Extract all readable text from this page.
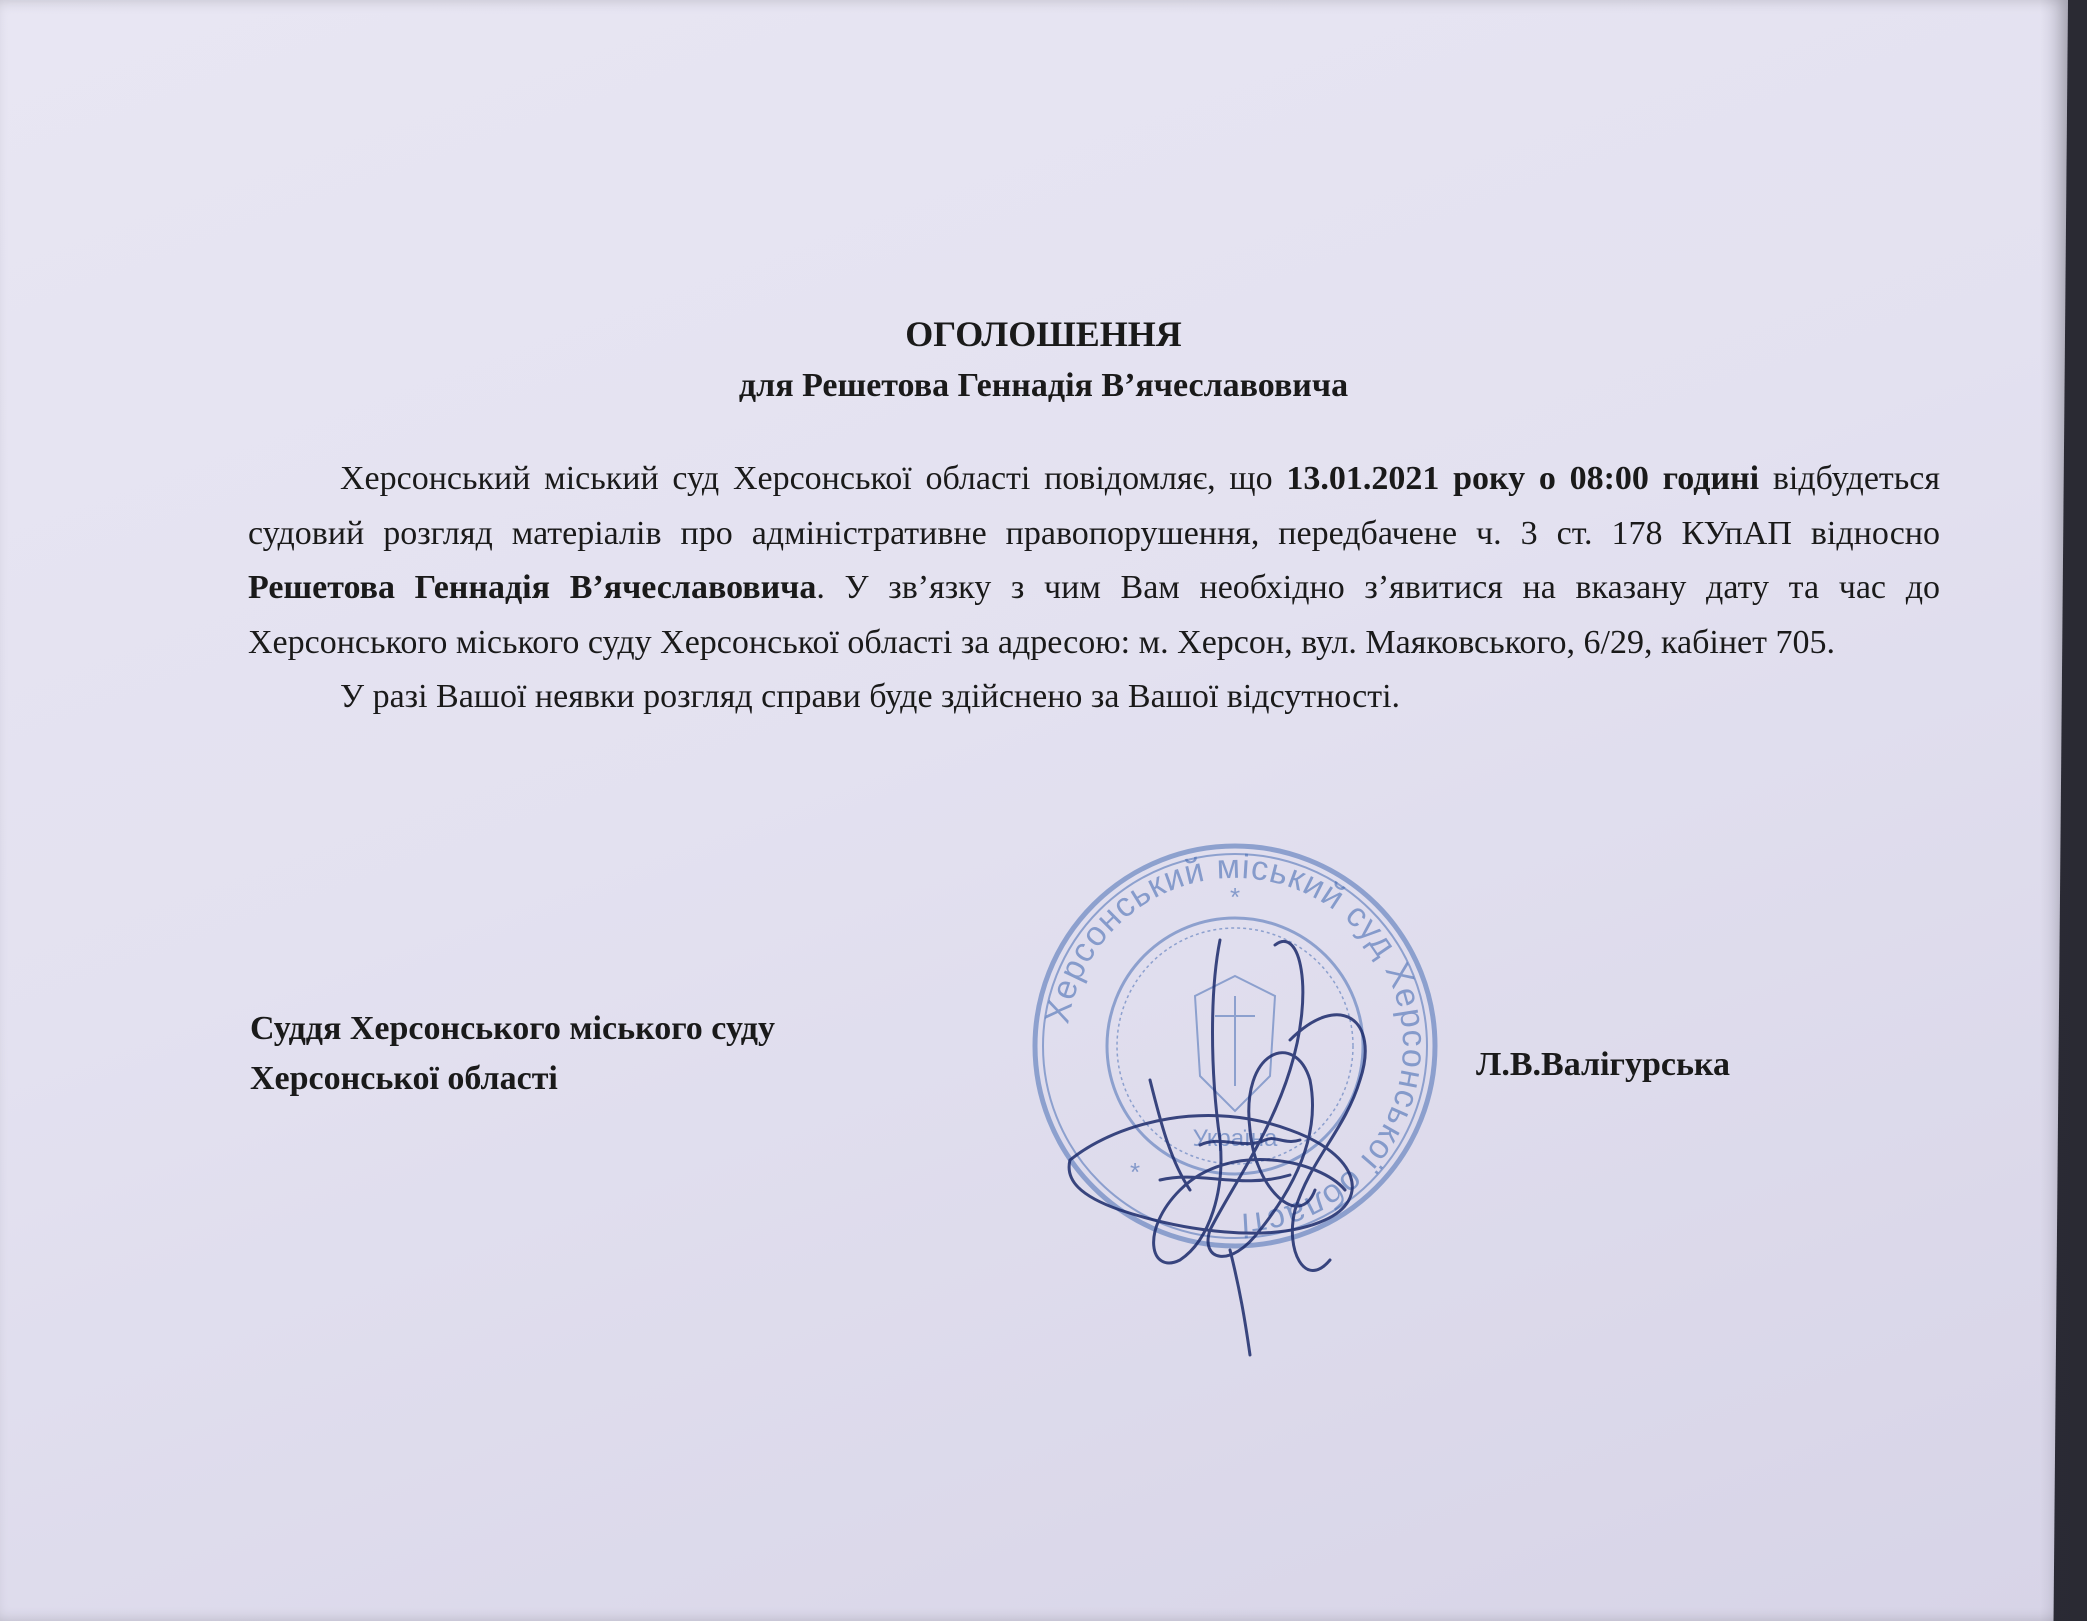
ОГОЛОШЕННЯ
для Решетова Геннадія В’ячеславовича

Херсонський міський суд Херсонської області повідомляє, що 13.01.2021 року о 08:00 годині відбудеться судовий розгляд матеріалів про адміністративне правопорушення, передбачене ч. 3 ст. 178 КУпАП відносно Решетова Геннадія В’ячеславовича. У зв’язку з чим Вам необхідно з’явитися на вказану дату та час до Херсонського міського суду Херсонської області за адресою: м. Херсон, вул. Маяковського, 6/29, кабінет 705.

У разі Вашої неявки розгляд справи буде здійснено за Вашої відсутності.

Суддя Херсонського міського суду
Херсонської області	Л.В.Валігурська
Херсонський міський суд Херсонської області
Україна
*
*
